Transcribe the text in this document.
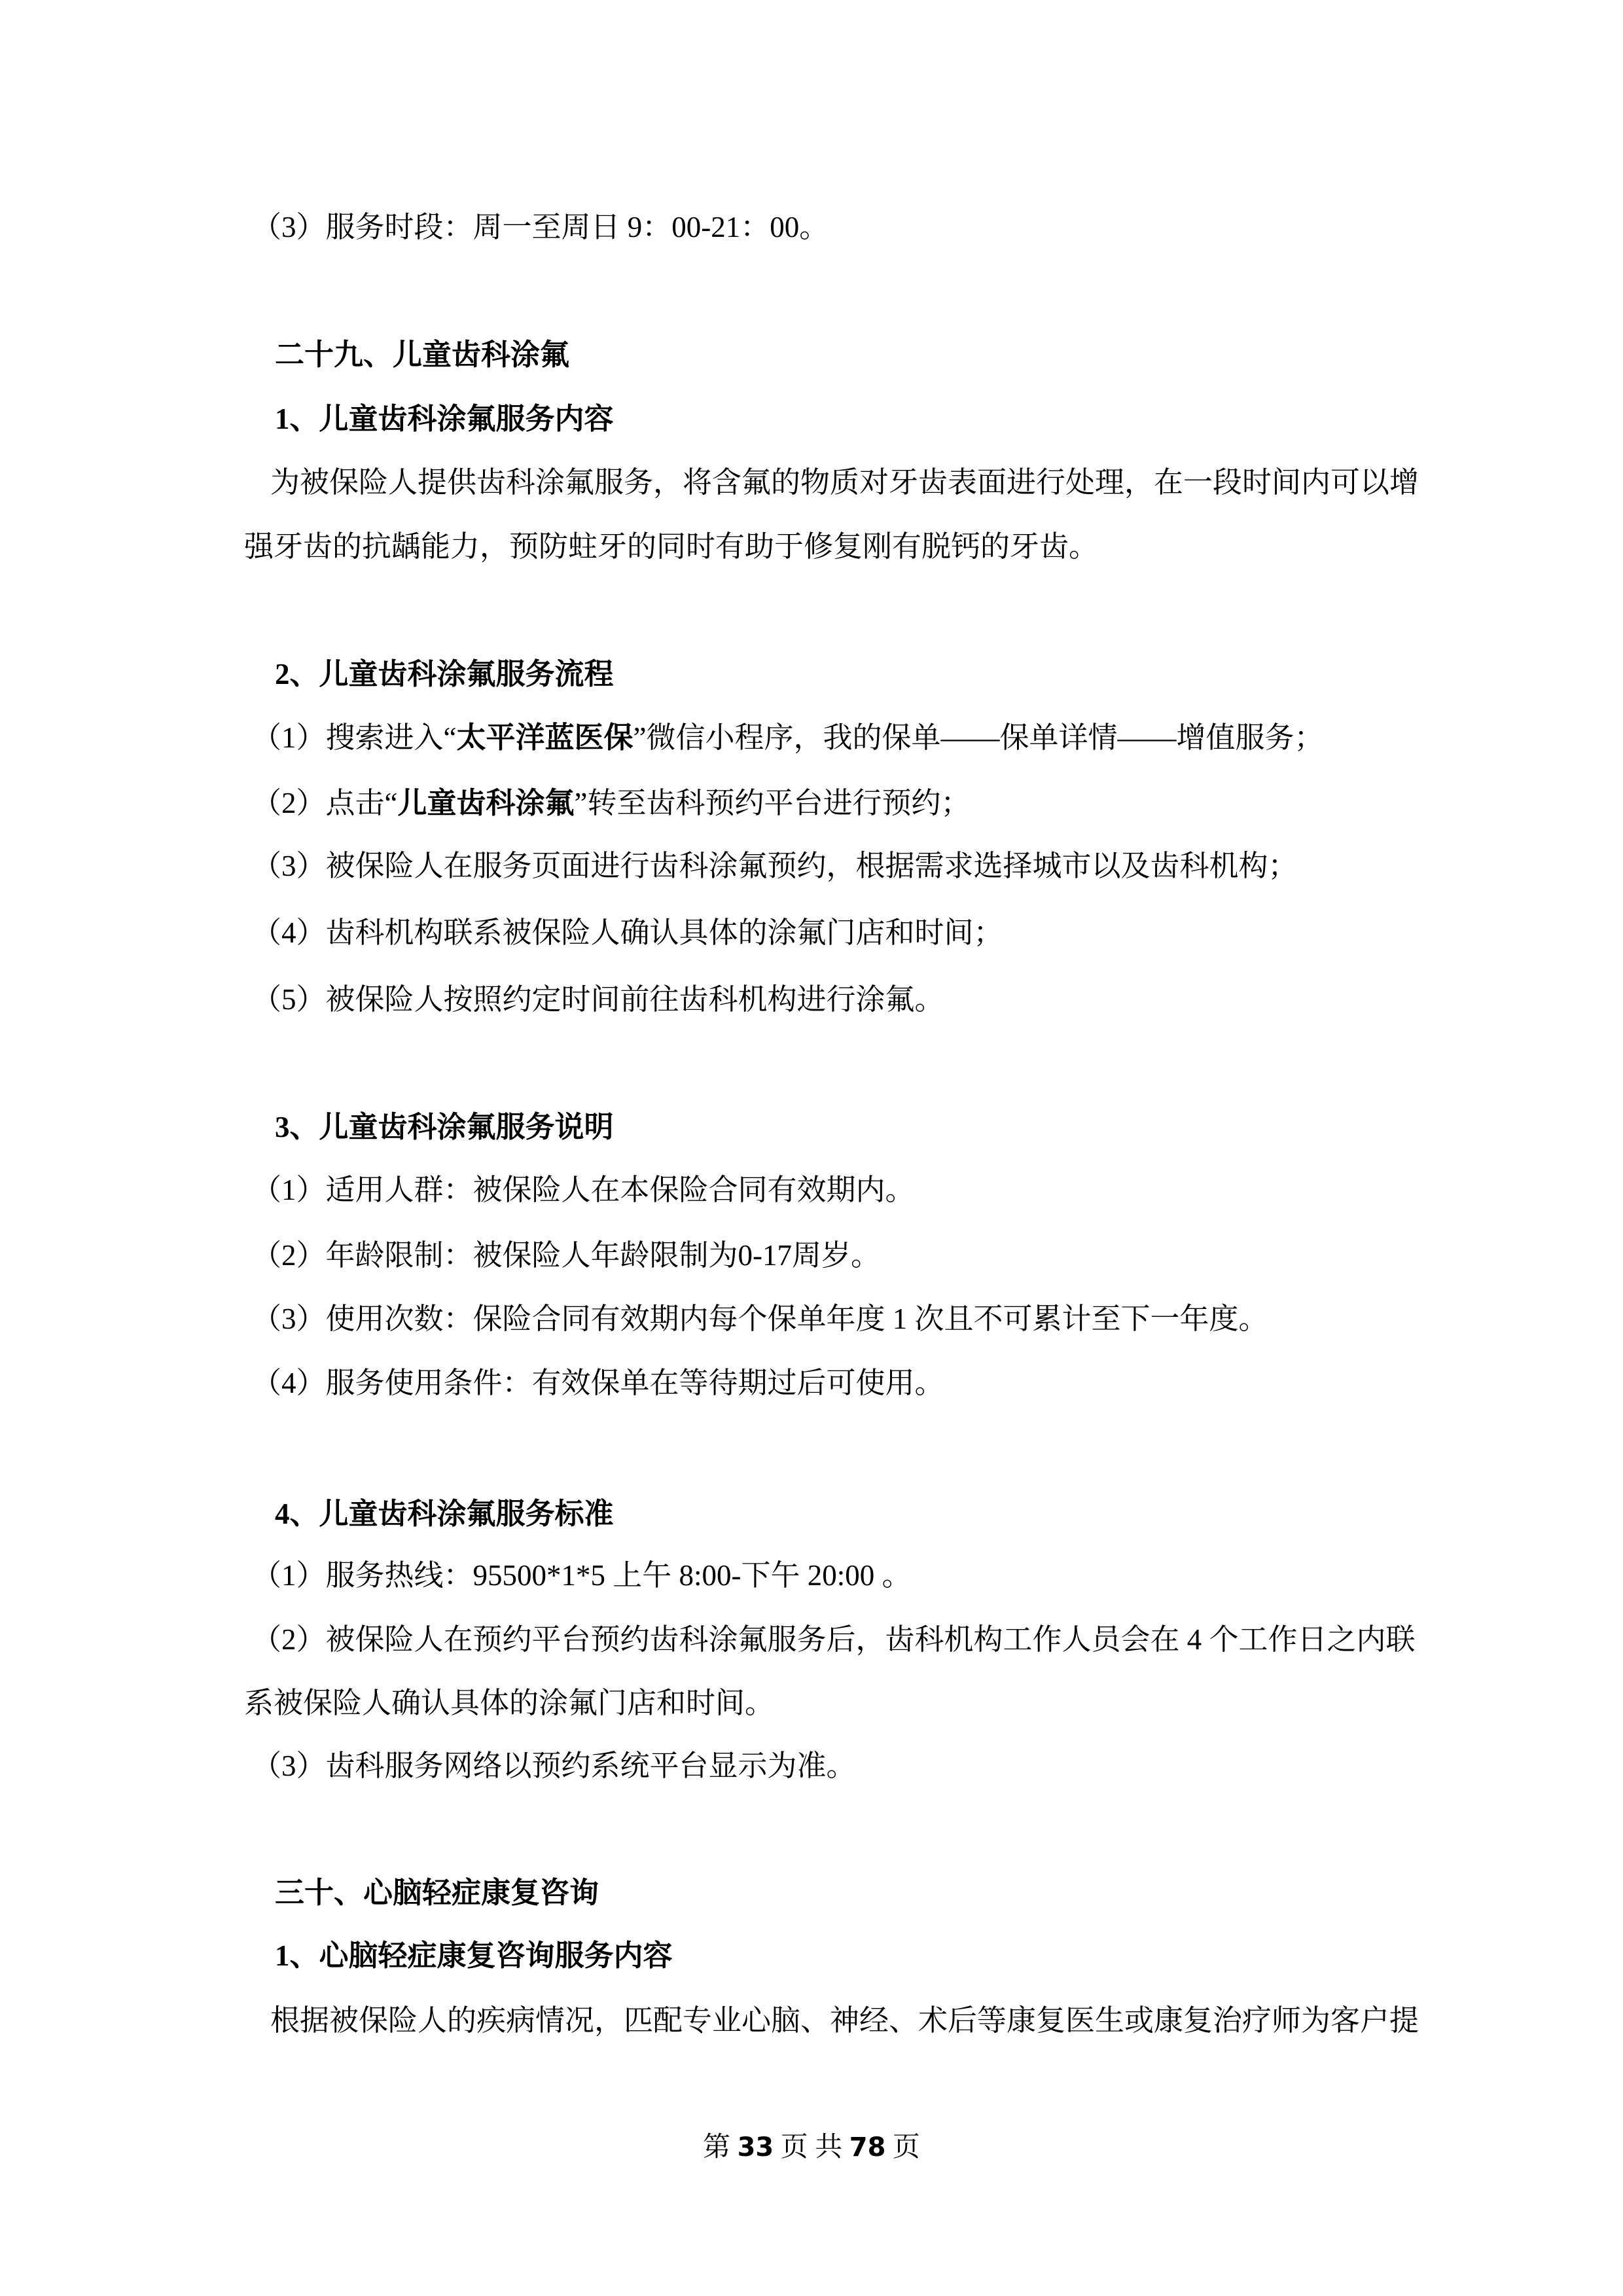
（3）服务时段：周一至周日 9：00-21：00。
二十九、儿童齿科涂氟
1、儿童齿科涂氟服务内容
为被保险人提供齿科涂氟服务，将含氟的物质对牙齿表面进行处理，在一段时间内可以增
强牙齿的抗龋能力，预防蛀牙的同时有助于修复刚有脱钙的牙齿。
2、儿童齿科涂氟服务流程
（1）搜索进入“太平洋蓝医保”微信小程序，我的保单——保单详情——增值服务；
（2）点击“儿童齿科涂氟”转至齿科预约平台进行预约；
（3）被保险人在服务页面进行齿科涂氟预约，根据需求选择城市以及齿科机构；
（4）齿科机构联系被保险人确认具体的涂氟门店和时间；
（5）被保险人按照约定时间前往齿科机构进行涂氟。
3、儿童齿科涂氟服务说明
（1）适用人群：被保险人在本保险合同有效期内。
（2）年龄限制：被保险人年龄限制为0-17周岁。
（3）使用次数：保险合同有效期内每个保单年度 1 次且不可累计至下一年度。
（4）服务使用条件：有效保单在等待期过后可使用。
4、儿童齿科涂氟服务标准
（1）服务热线：95500*1*5 上午 8:00-下午 20:00 。
（2）被保险人在预约平台预约齿科涂氟服务后，齿科机构工作人员会在 4 个工作日之内联
系被保险人确认具体的涂氟门店和时间。
（3）齿科服务网络以预约系统平台显示为准。
三十、心脑轻症康复咨询
1、心脑轻症康复咨询服务内容
根据被保险人的疾病情况，匹配专业心脑、神经、术后等康复医生或康复治疗师为客户提
第 33 页 共 78 页
